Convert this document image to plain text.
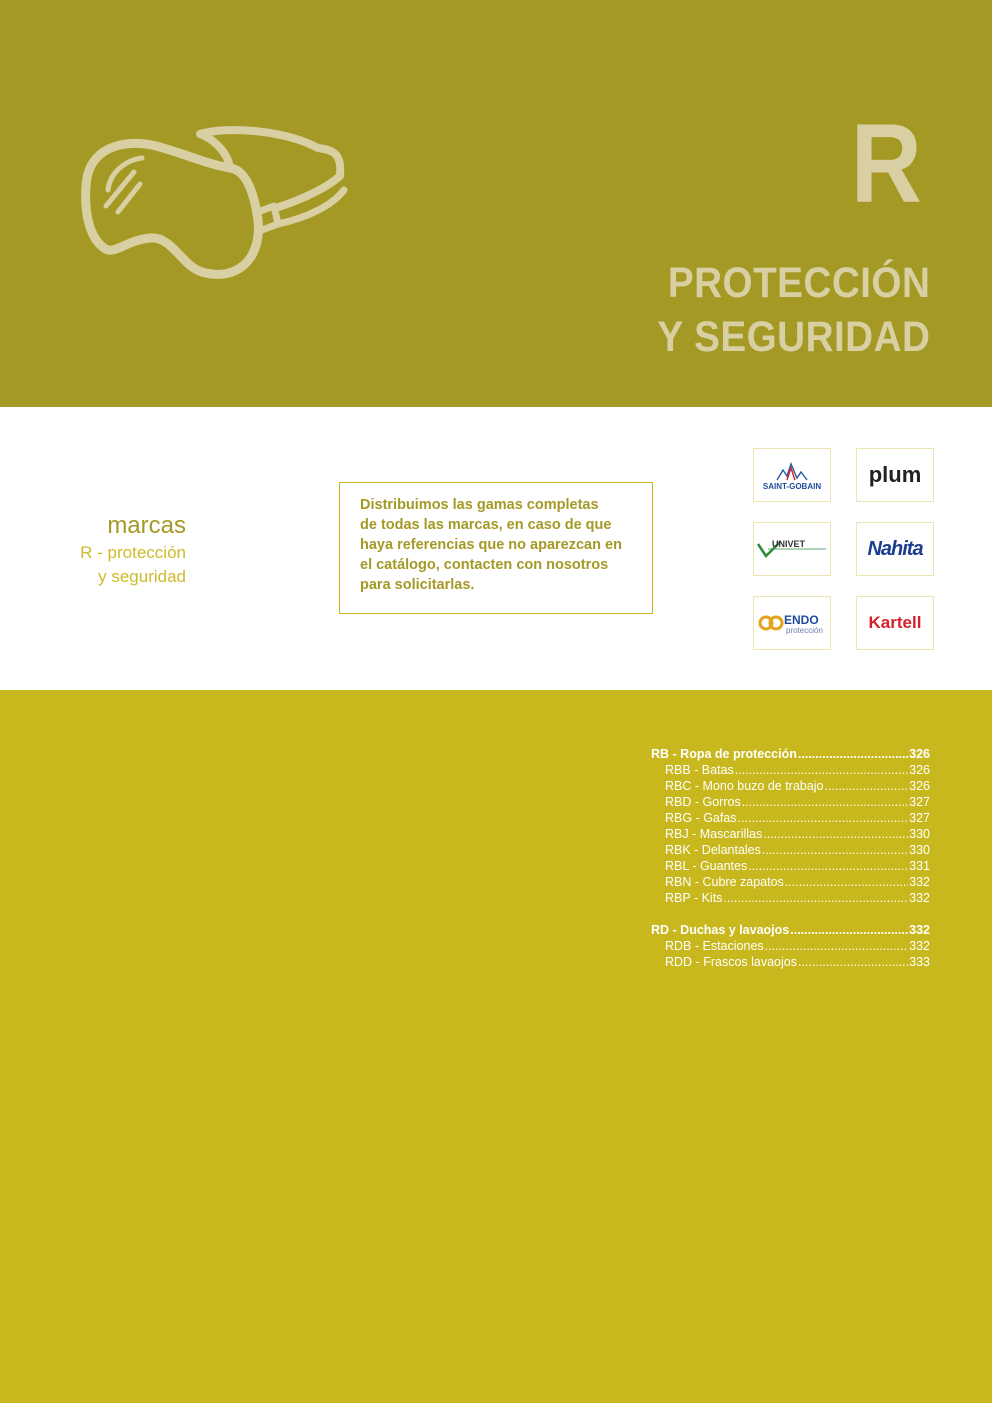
R
PROTECCIÓN
Y SEGURIDAD
marcas
R - protección
y seguridad
Distribuimos las gamas completas
de todas las marcas, en caso de que
haya referencias que no aparezcan en
el catálogo, contacten con nosotros
para solicitarlas.
SAINT-GOBAIN plum
UNIVET	Nahita
ENDO
protección	Kartell
RB - Ropa de protección .....	326
RBB - Batas .....	326
RBC - Mono buzo de trabajo .....	326
RBD - Gorros .....	327
RBG - Gafas .....	327
RBJ - Mascarillas .....	330
RBK - Delantales .....	330
RBL - Guantes .....	331
RBN - Cubre zapatos .....	332
RBP - Kits .....	332
RD - Duchas y lavaojos .....	332
RDB - Estaciones .....	332
RDD - Frascos lavaojos .....	333
